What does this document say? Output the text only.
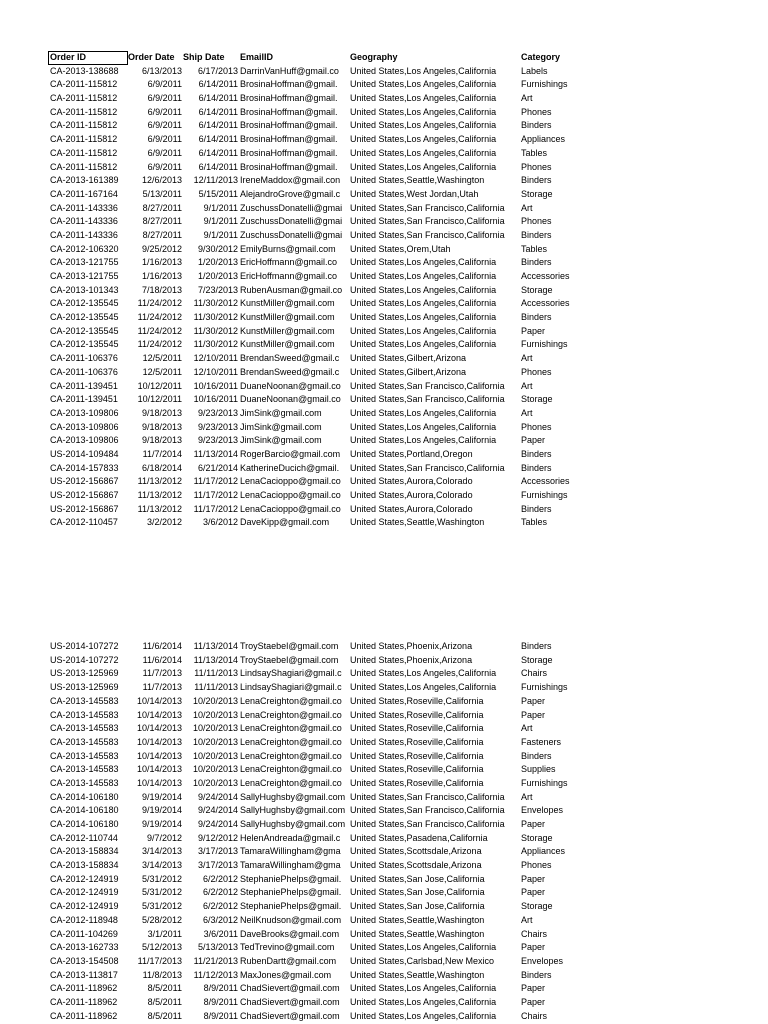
Order ID	Order Date Ship Date	EmailID	Geography	Category
CA-2013-138688	6/13/2013	6/17/2013 DarrinVanHuff@gmail.co	United States,Los Angeles,California	Labels
CA-2011-115812	6/9/2011	6/14/2011 BrosinaHoffman@gmail.	United States,Los Angeles,California	Furnishings
CA-2011-115812	6/9/2011	6/14/2011 BrosinaHoffman@gmail.	United States,Los Angeles,California	Art
CA-2011-115812	6/9/2011	6/14/2011 BrosinaHoffman@gmail.	United States,Los Angeles,California	Phones
CA-2011-115812	6/9/2011	6/14/2011 BrosinaHoffman@gmail.	United States,Los Angeles,California	Binders
CA-2011-115812	6/9/2011	6/14/2011 BrosinaHoffman@gmail.	United States,Los Angeles,California	Appliances
CA-2011-115812	6/9/2011	6/14/2011 BrosinaHoffman@gmail.	United States,Los Angeles,California	Tables
CA-2011-115812	6/9/2011	6/14/2011 BrosinaHoffman@gmail.	United States,Los Angeles,California	Phones
CA-2013-161389	12/6/2013	12/11/2013 IreneMaddox@gmail.con	United States,Seattle,Washington	Binders
CA-2011-167164	5/13/2011	5/15/2011 AlejandroGrove@gmail.c	United States,West Jordan,Utah	Storage
CA-2011-143336	8/27/2011	9/1/2011 ZuschussDonatelli@gmai United States,San Francisco,California	Art
CA-2011-143336	8/27/2011	9/1/2011 ZuschussDonatelli@gmai United States,San Francisco,California	Phones
CA-2011-143336	8/27/2011	9/1/2011 ZuschussDonatelli@gmai United States,San Francisco,California	Binders
CA-2012-106320	9/25/2012	9/30/2012 EmilyBurns@gmail.com	United States,Orem,Utah	Tables
CA-2013-121755	1/16/2013	1/20/2013 EricHoffmann@gmail.co	United States,Los Angeles,California	Binders
CA-2013-121755	1/16/2013	1/20/2013 EricHoffmann@gmail.co	United States,Los Angeles,California	Accessories
CA-2013-101343	7/18/2013	7/23/2013 RubenAusman@gmail.co United States,Los Angeles,California	Storage
CA-2012-135545	11/24/2012	11/30/2012 KunstMiller@gmail.com	United States,Los Angeles,California	Accessories
CA-2012-135545	11/24/2012	11/30/2012 KunstMiller@gmail.com	United States,Los Angeles,California	Binders
CA-2012-135545	11/24/2012	11/30/2012 KunstMiller@gmail.com	United States,Los Angeles,California	Paper
CA-2012-135545	11/24/2012	11/30/2012 KunstMiller@gmail.com	United States,Los Angeles,California	Furnishings
CA-2011-106376	12/5/2011	12/10/2011 BrendanSweed@gmail.c	United States,Gilbert,Arizona	Art
CA-2011-106376	12/5/2011	12/10/2011 BrendanSweed@gmail.c	United States,Gilbert,Arizona	Phones
CA-2011-139451	10/12/2011	10/16/2011 DuaneNoonan@gmail.co	United States,San Francisco,California	Art
CA-2011-139451	10/12/2011	10/16/2011 DuaneNoonan@gmail.co	United States,San Francisco,California	Storage
CA-2013-109806	9/18/2013	9/23/2013 JimSink@gmail.com	United States,Los Angeles,California	Art
CA-2013-109806	9/18/2013	9/23/2013 JimSink@gmail.com	United States,Los Angeles,California	Phones
CA-2013-109806	9/18/2013	9/23/2013 JimSink@gmail.com	United States,Los Angeles,California	Paper
US-2014-109484	11/7/2014	11/13/2014 RogerBarcio@gmail.com	United States,Portland,Oregon	Binders
CA-2014-157833	6/18/2014	6/21/2014 KatherineDucich@gmail.	United States,San Francisco,California	Binders
US-2012-156867	11/13/2012	11/17/2012 LenaCacioppo@gmail.co	United States,Aurora,Colorado	Accessories
US-2012-156867	11/13/2012	11/17/2012 LenaCacioppo@gmail.co	United States,Aurora,Colorado	Furnishings
US-2012-156867	11/13/2012	11/17/2012 LenaCacioppo@gmail.co	United States,Aurora,Colorado	Binders
CA-2012-110457	3/2/2012	3/6/2012 DaveKipp@gmail.com	United States,Seattle,Washington	Tables
US-2014-107272	11/6/2014	11/13/2014 TroyStaebel@gmail.com	United States,Phoenix,Arizona	Binders
US-2014-107272	11/6/2014	11/13/2014 TroyStaebel@gmail.com	United States,Phoenix,Arizona	Storage
US-2013-125969	11/7/2013	11/11/2013 LindsayShagiari@gmail.c United States,Los Angeles,California	Chairs
US-2013-125969	11/7/2013	11/11/2013 LindsayShagiari@gmail.c United States,Los Angeles,California	Furnishings
CA-2013-145583	10/14/2013	10/20/2013 LenaCreighton@gmail.co United States,Roseville,California	Paper
CA-2013-145583	10/14/2013	10/20/2013 LenaCreighton@gmail.co United States,Roseville,California	Paper
CA-2013-145583	10/14/2013	10/20/2013 LenaCreighton@gmail.co United States,Roseville,California	Art
CA-2013-145583	10/14/2013	10/20/2013 LenaCreighton@gmail.co United States,Roseville,California	Fasteners
CA-2013-145583	10/14/2013	10/20/2013 LenaCreighton@gmail.co United States,Roseville,California	Binders
CA-2013-145583	10/14/2013	10/20/2013 LenaCreighton@gmail.co United States,Roseville,California	Supplies
CA-2013-145583	10/14/2013	10/20/2013 LenaCreighton@gmail.co United States,Roseville,California	Furnishings
CA-2014-106180	9/19/2014	9/24/2014 SallyHughsby@gmail.com United States,San Francisco,California	Art
CA-2014-106180	9/19/2014	9/24/2014 SallyHughsby@gmail.com United States,San Francisco,California	Envelopes
CA-2014-106180	9/19/2014	9/24/2014 SallyHughsby@gmail.com United States,San Francisco,California	Paper
CA-2012-110744	9/7/2012	9/12/2012 HelenAndreada@gmail.c	United States,Pasadena,California	Storage
CA-2013-158834	3/14/2013	3/17/2013 TamaraWillingham@gma	United States,Scottsdale,Arizona	Appliances
CA-2013-158834	3/14/2013	3/17/2013 TamaraWillingham@gma	United States,Scottsdale,Arizona	Phones
CA-2012-124919	5/31/2012	6/2/2012 StephaniePhelps@gmail. United States,San Jose,California	Paper
CA-2012-124919	5/31/2012	6/2/2012 StephaniePhelps@gmail. United States,San Jose,California	Paper
CA-2012-124919	5/31/2012	6/2/2012 StephaniePhelps@gmail. United States,San Jose,California	Storage
CA-2012-118948	5/28/2012	6/3/2012 NeilKnudson@gmail.com United States,Seattle,Washington	Art
CA-2011-104269	3/1/2011	3/6/2011 DaveBrooks@gmail.com	United States,Seattle,Washington	Chairs
CA-2013-162733	5/12/2013	5/13/2013 TedTrevino@gmail.com	United States,Los Angeles,California	Paper
CA-2013-154508	11/17/2013	11/21/2013 RubenDartt@gmail.com	United States,Carlsbad,New Mexico	Envelopes
CA-2013-113817	11/8/2013	11/12/2013 MaxJones@gmail.com	United States,Seattle,Washington	Binders
CA-2011-118962	8/5/2011	8/9/2011 ChadSievert@gmail.com	United States,Los Angeles,California	Paper
CA-2011-118962	8/5/2011	8/9/2011 ChadSievert@gmail.com	United States,Los Angeles,California	Paper
CA-2011-118962	8/5/2011	8/9/2011 ChadSievert@gmail.com	United States,Los Angeles,California	Chairs
